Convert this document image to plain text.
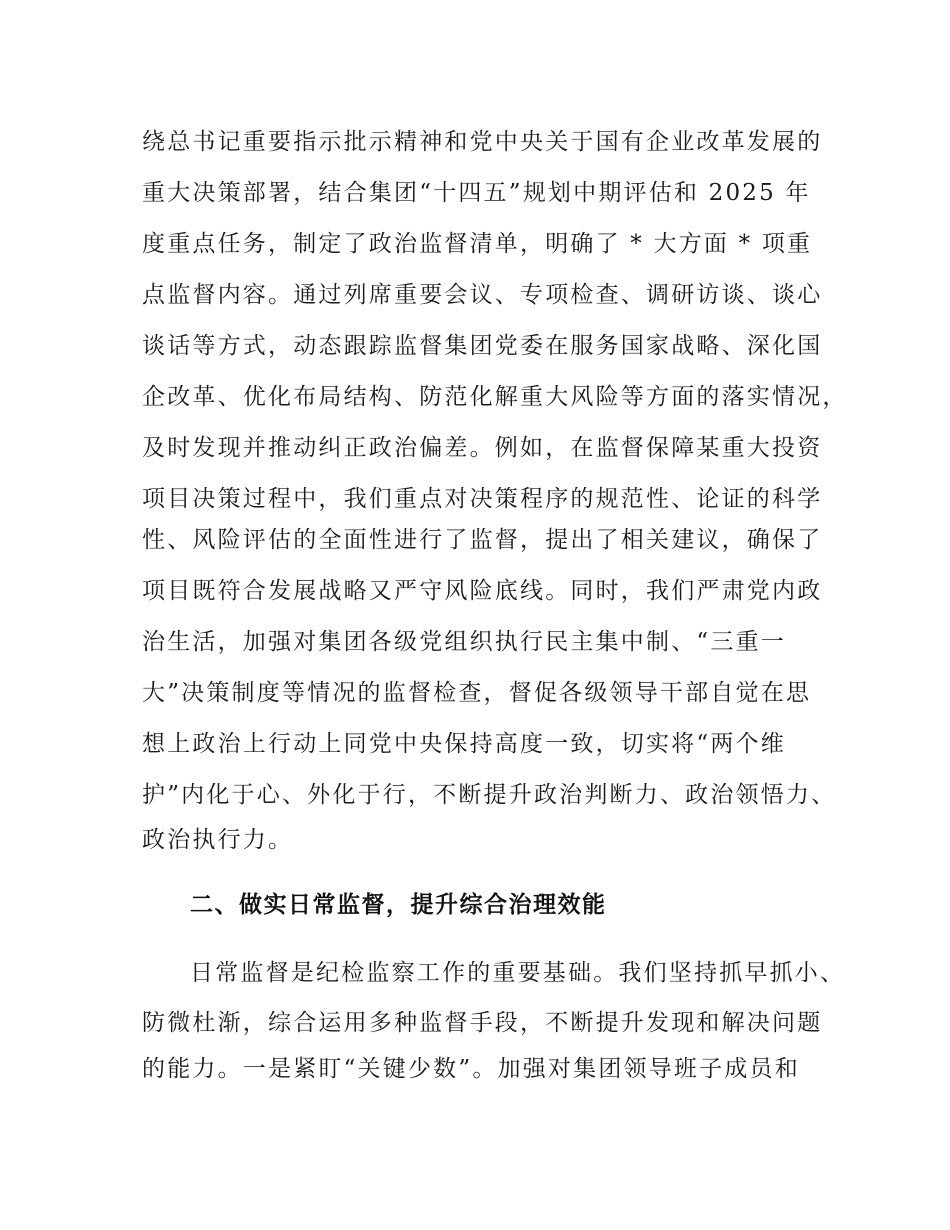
绕总书记重要指示批示精神和党中央关于国有企业改革发展的
重大决策部署，结合集团“十四五”规划中期评估和 2025 年
度重点任务，制定了政治监督清单，明确了 * 大方面 * 项重
点监督内容。通过列席重要会议、专项检查、调研访谈、谈心
谈话等方式，动态跟踪监督集团党委在服务国家战略、深化国
企改革、优化布局结构、防范化解重大风险等方面的落实情况，
及时发现并推动纠正政治偏差。例如，在监督保障某重大投资
项目决策过程中，我们重点对决策程序的规范性、论证的科学
性、风险评估的全面性进行了监督，提出了相关建议，确保了
项目既符合发展战略又严守风险底线。同时，我们严肃党内政
治生活，加强对集团各级党组织执行民主集中制、“三重一
大”决策制度等情况的监督检查，督促各级领导干部自觉在思
想上政治上行动上同党中央保持高度一致，切实将“两个维
护”内化于心、外化于行，不断提升政治判断力、政治领悟力、
政治执行力。
二、做实日常监督，提升综合治理效能
日常监督是纪检监察工作的重要基础。我们坚持抓早抓小、
防微杜渐，综合运用多种监督手段，不断提升发现和解决问题
的能力。一是紧盯“关键少数”。加强对集团领导班子成员和
